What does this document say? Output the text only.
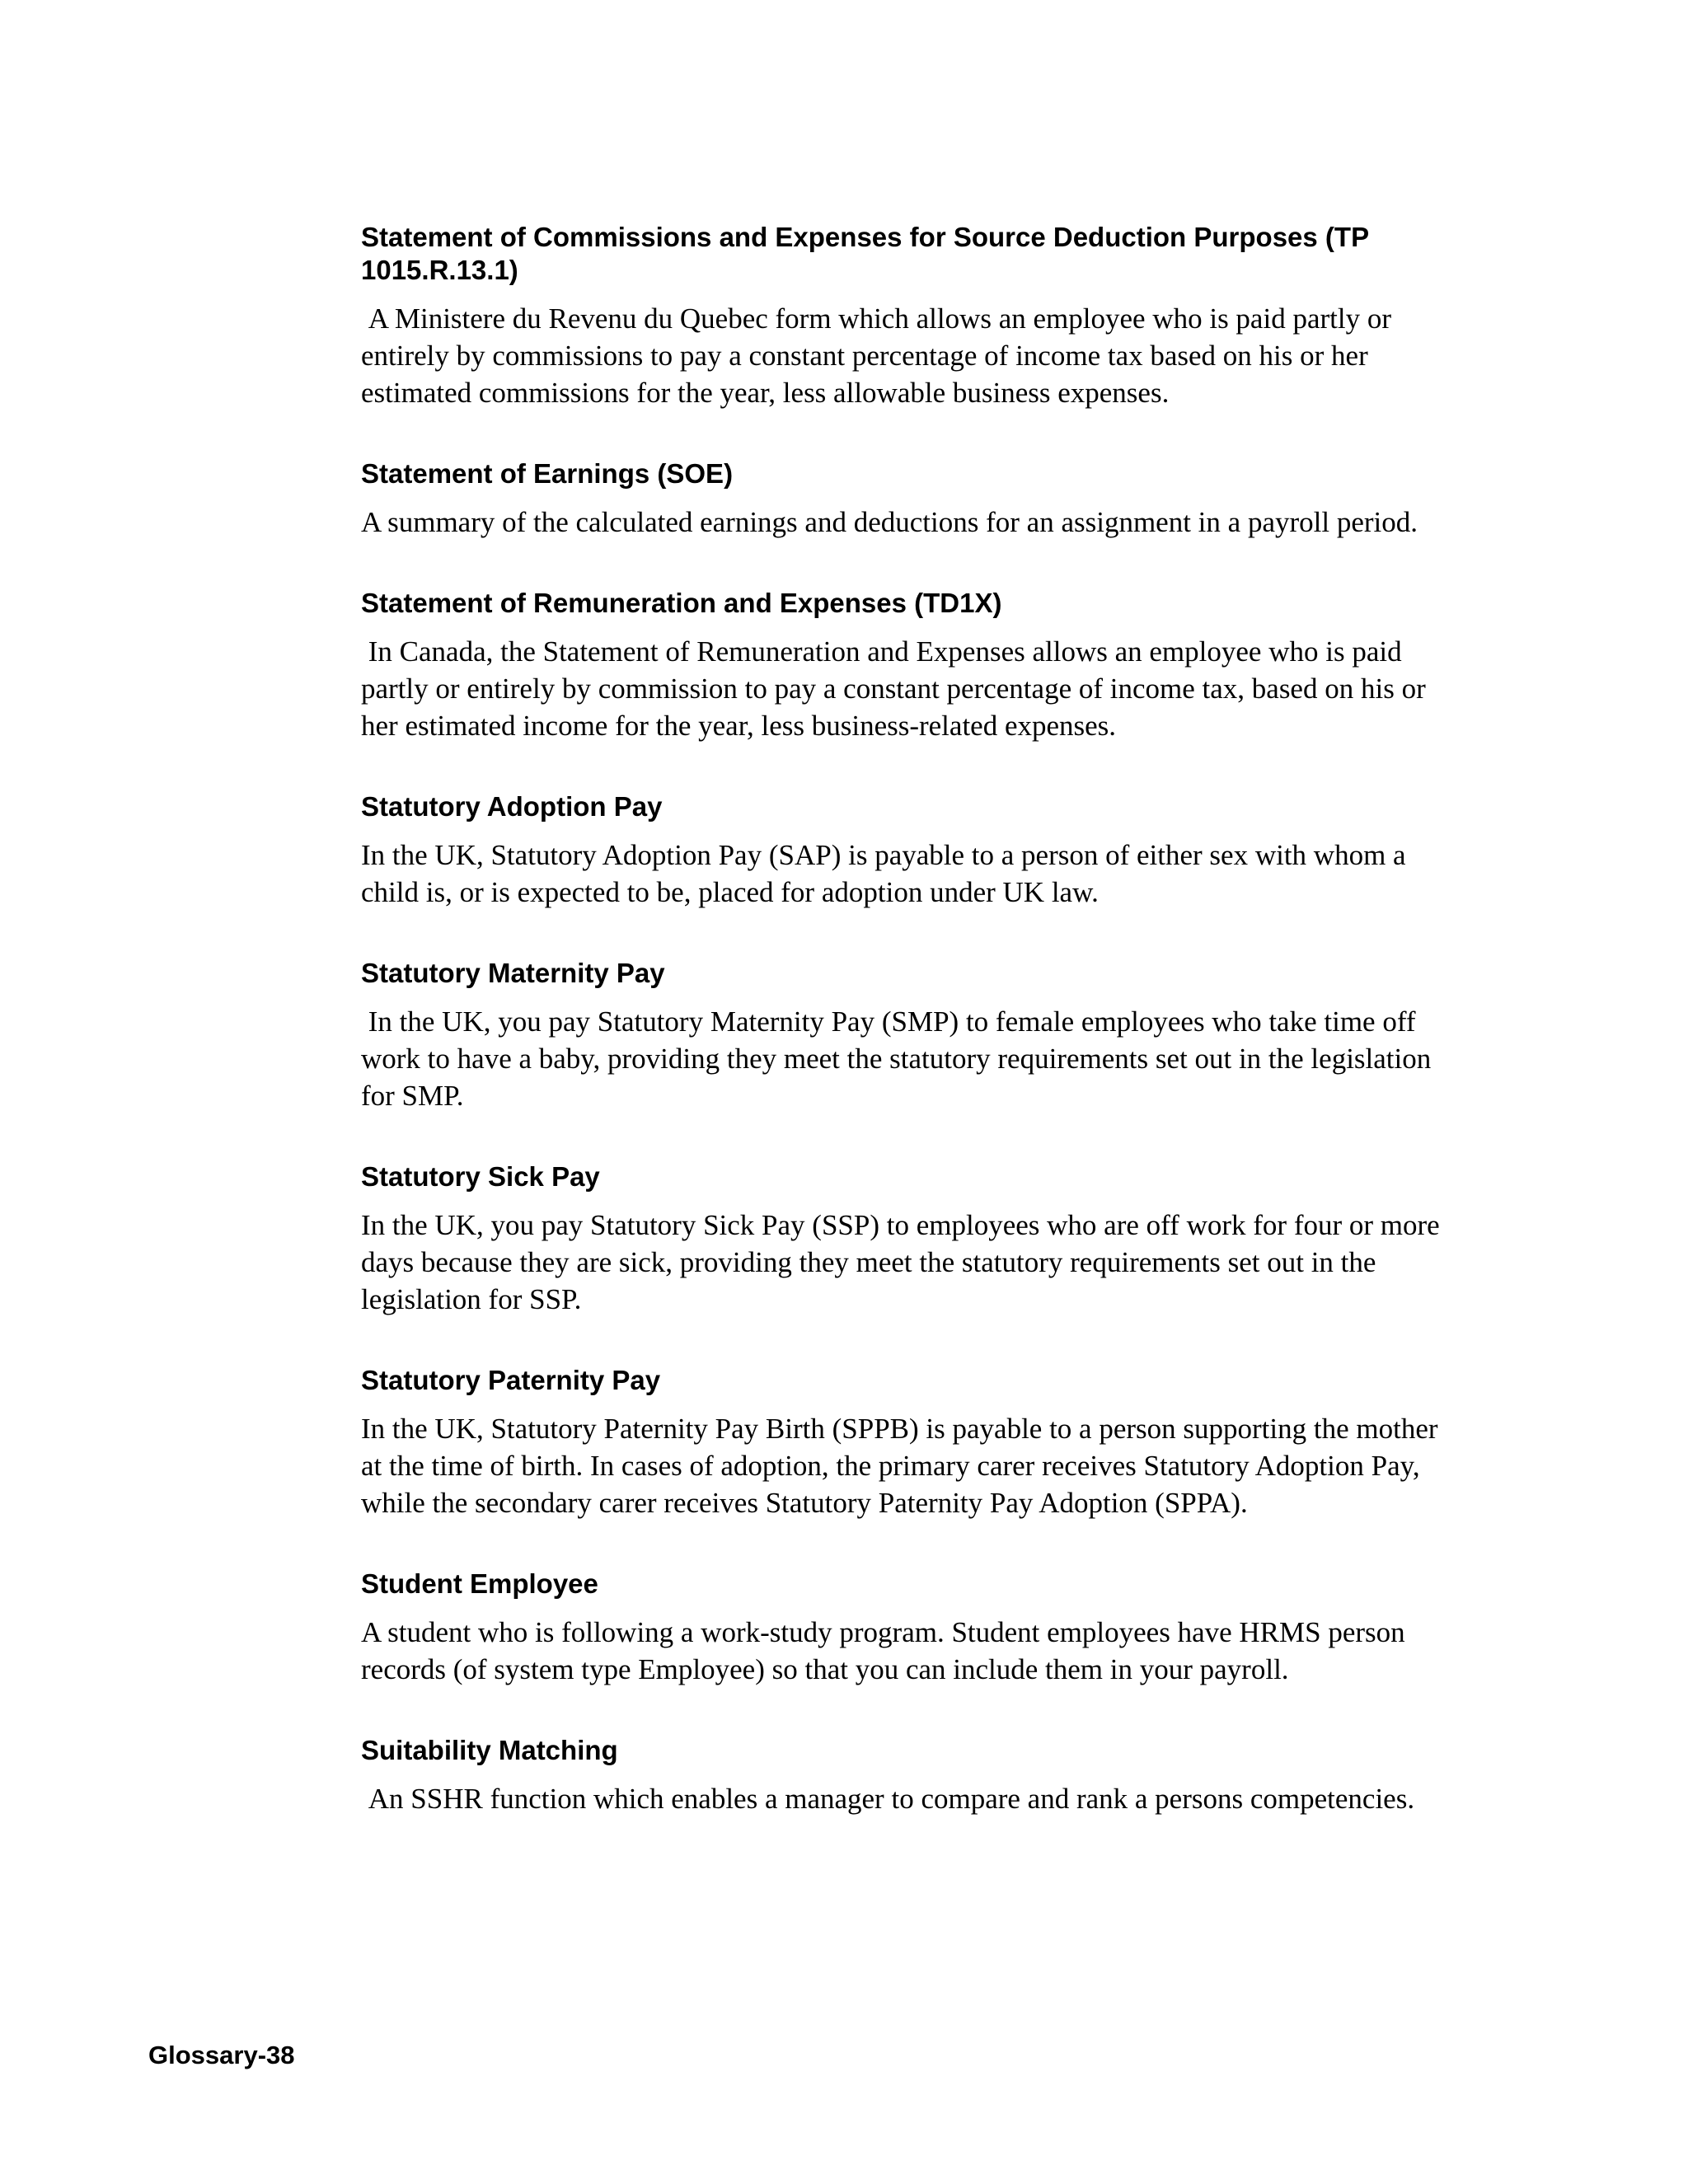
Statement of Commissions and Expenses for Source Deduction Purposes (TP 1015.R.13.1)

A Ministere du Revenu du Quebec form which allows an employee who is paid partly or entirely by commissions to pay a constant percentage of income tax based on his or her estimated commissions for the year, less allowable business expenses.

Statement of Earnings (SOE)

A summary of the calculated earnings and deductions for an assignment in a payroll period.

Statement of Remuneration and Expenses (TD1X)

In Canada, the Statement of Remuneration and Expenses allows an employee who is paid partly or entirely by commission to pay a constant percentage of income tax, based on his or her estimated income for the year, less business-related expenses.

Statutory Adoption Pay

In the UK, Statutory Adoption Pay (SAP) is payable to a person of either sex with whom a child is, or is expected to be, placed for adoption under UK law.

Statutory Maternity Pay

In the UK, you pay Statutory Maternity Pay (SMP) to female employees who take time off work to have a baby, providing they meet the statutory requirements set out in the legislation for SMP.

Statutory Sick Pay

In the UK, you pay Statutory Sick Pay (SSP) to employees who are off work for four or more days because they are sick, providing they meet the statutory requirements set out in the legislation for SSP.

Statutory Paternity Pay

In the UK, Statutory Paternity Pay Birth (SPPB) is payable to a person supporting the mother at the time of birth. In cases of adoption, the primary carer receives Statutory Adoption Pay, while the secondary carer receives Statutory Paternity Pay Adoption (SPPA).

Student Employee

A student who is following a work-study program. Student employees have HRMS person records (of system type Employee) so that you can include them in your payroll.

Suitability Matching

An SSHR function which enables a manager to compare and rank a persons competencies.

Glossary-38
